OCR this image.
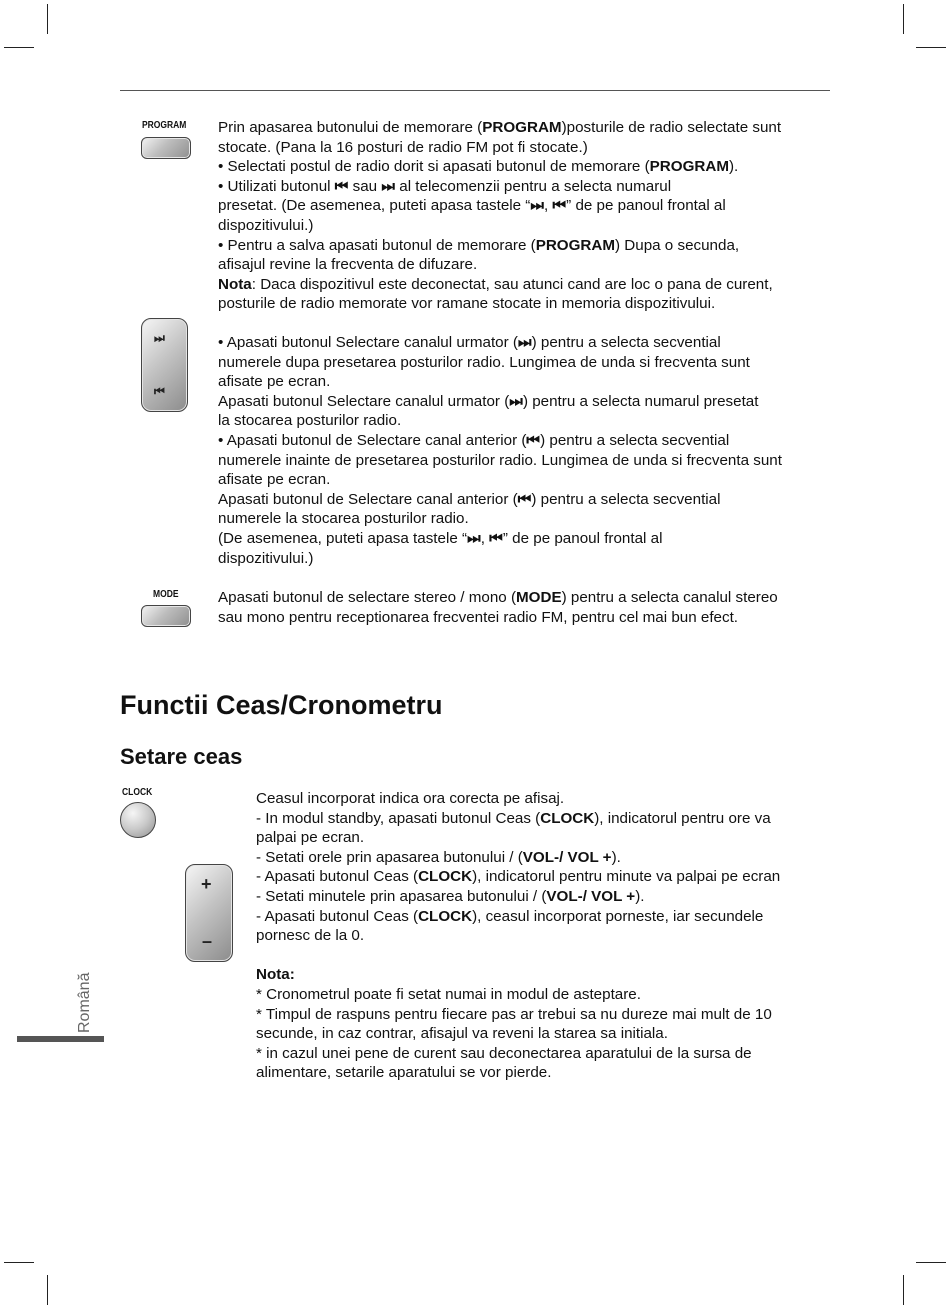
PROGRAM Prin apasarea butonului de memorare (PROGRAM)posturile de radio selectate sunt
stocate. (Pana la 16 posturi de radio FM pot fi stocate.)
• Selectati postul de radio dorit si apasati butonul de memorare (PROGRAM).
• Utilizati butonul ⏮ sau ⏭ al telecomenzii pentru a selecta numarul
presetat. (De asemenea, puteti apasa tastele “⏭, ⏮” de pe panoul frontal al
dispozitivului.)
• Pentru a salva apasati butonul de memorare (PROGRAM) Dupa o secunda,
afisajul revine la frecventa de difuzare.
Nota: Daca dispozitivul este deconectat, sau atunci cand are loc o pana de curent,
posturile de radio memorate vor ramane stocate in memoria dispozitivului.
⏭
⏮
• Apasati butonul Selectare canalul urmator (⏭) pentru a selecta secvential
numerele dupa presetarea posturilor radio. Lungimea de unda si frecventa sunt
afisate pe ecran.
Apasati butonul Selectare canalul urmator (⏭) pentru a selecta numarul presetat
la stocarea posturilor radio.
• Apasati butonul de Selectare canal anterior (⏮) pentru a selecta secvential
numerele inainte de presetarea posturilor radio. Lungimea de unda si frecventa sunt
afisate pe ecran.
Apasati butonul de Selectare canal anterior (⏮) pentru a selecta secvential
numerele la stocarea posturilor radio.
(De asemenea, puteti apasa tastele “⏭, ⏮” de pe panoul frontal al
dispozitivului.)
MODE	Apasati butonul de selectare stereo / mono (MODE) pentru a selecta canalul stereo
sau mono pentru receptionarea frecventei radio FM, pentru cel mai bun efect.
Functii Ceas/Cronometru
Setare ceas
CLOCK
+
–
Ceasul incorporat indica ora corecta pe afisaj.
- In modul standby, apasati butonul Ceas (CLOCK), indicatorul pentru ore va
palpai pe ecran.
- Setati orele prin apasarea butonului / (VOL-/ VOL +).
- Apasati butonul Ceas (CLOCK), indicatorul pentru minute va palpai pe ecran
- Setati minutele prin apasarea butonului / (VOL-/ VOL +).
- Apasati butonul Ceas (CLOCK), ceasul incorporat porneste, iar secundele
pornesc de la 0.
Nota:
* Cronometrul poate fi setat numai in modul de asteptare.
* Timpul de raspuns pentru fiecare pas ar trebui sa nu dureze mai mult de 10
secunde, in caz contrar, afisajul va reveni la starea sa initiala.
* in cazul unei pene de curent sau deconectarea aparatului de la sursa de
alimentare, setarile aparatului se vor pierde.
Română
